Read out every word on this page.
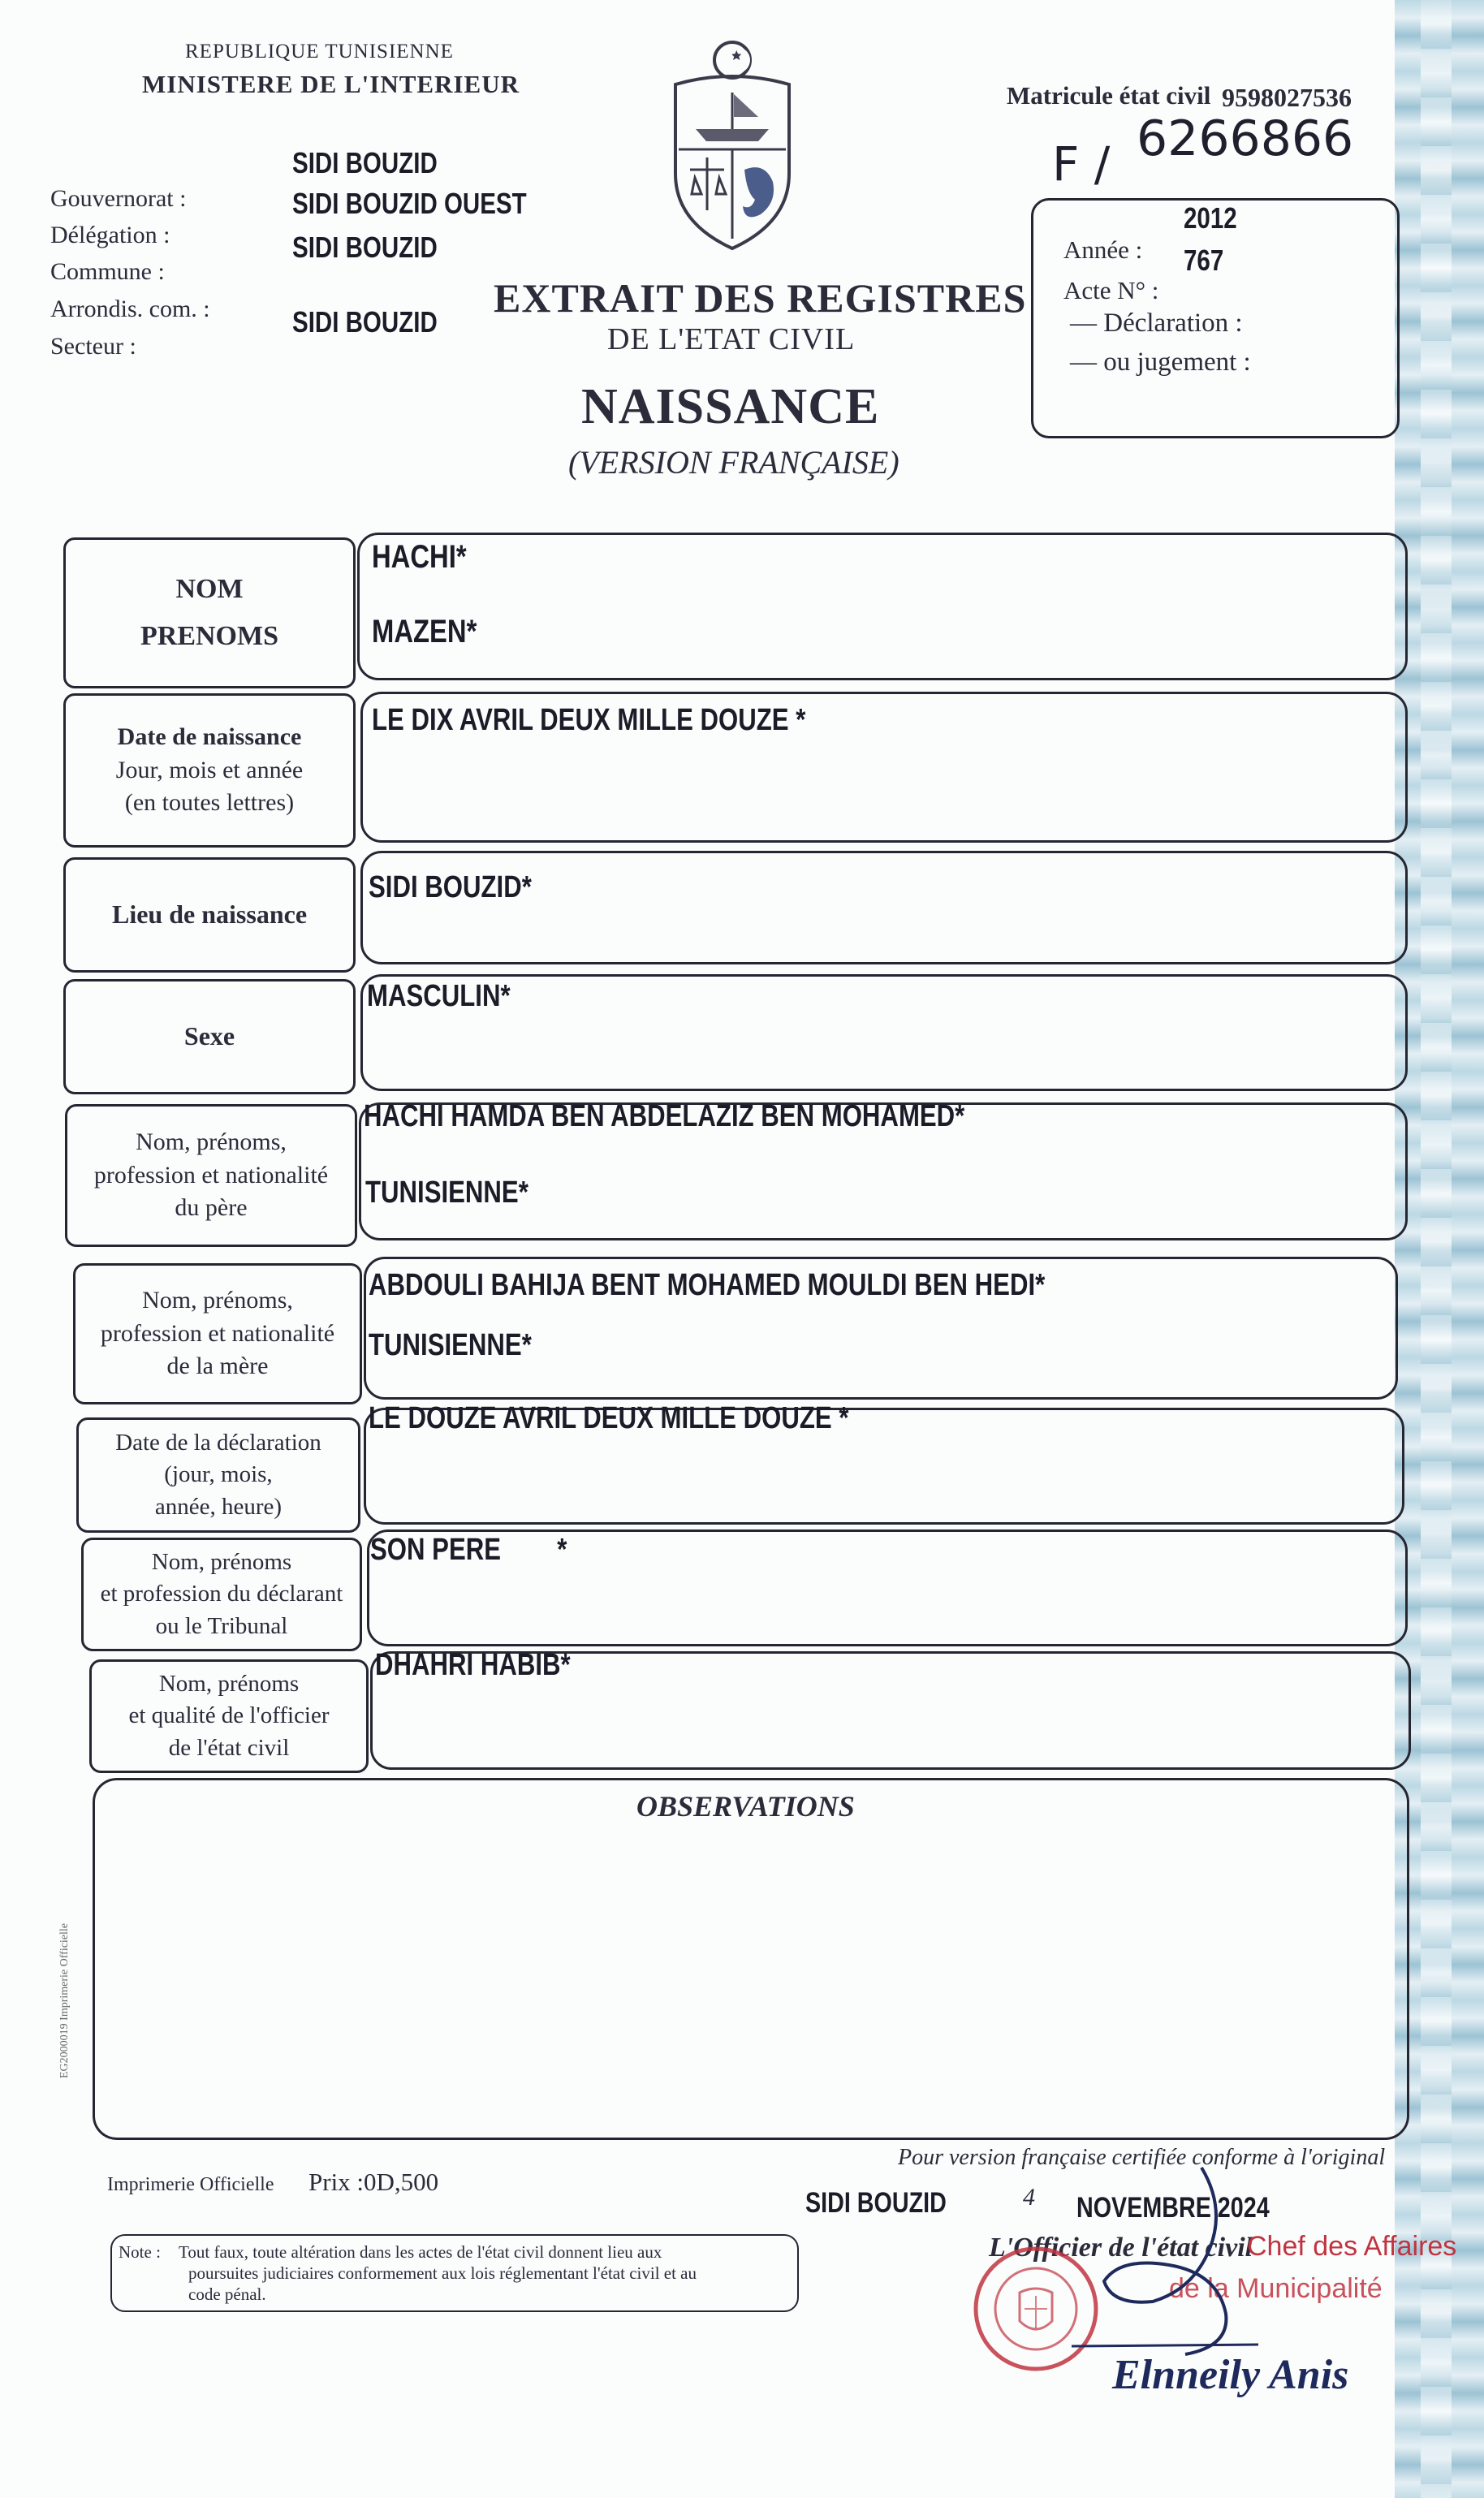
REPUBLIQUE TUNISIENNE
MINISTERE DE L'INTERIEUR
Gouvernorat :
Délégation :
Commune :
Arrondis. com. :
Secteur :
SIDI BOUZID
SIDI BOUZID OUEST
SIDI BOUZID
SIDI BOUZID
EXTRAIT DES REGISTRES
DE L'ETAT CIVIL
NAISSANCE
(VERSION FRANÇAISE)
Matricule état civil 9598027536
F / 6266866
2012
Année : 767
Acte N° :
— Déclaration :
— ou jugement :
NOM
PRENOMS
HACHI*
MAZEN*
Date de naissance
Jour, mois et année
(en toutes lettres)
LE DIX AVRIL DEUX MILLE DOUZE *
Lieu de naissance
SIDI BOUZID*
Sexe
MASCULIN*
Nom, prénoms,
profession et nationalité
du père
HACHI HAMDA BEN ABDELAZIZ BEN MOHAMED*
TUNISIENNE*
Nom, prénoms,
profession et nationalité
de la mère
ABDOULI BAHIJA BENT MOHAMED MOULDI BEN HEDI*
TUNISIENNE*
Date de la déclaration
(jour, mois,
année, heure)
LE DOUZE AVRIL DEUX MILLE DOUZE *
Nom, prénoms
et profession du déclarant
ou le Tribunal
SON PERE        *
Nom, prénoms
et qualité de l'officier
de l'état civil
DHAHRI HABIB*
OBSERVATIONS
EG2000019 Imprimerie Officielle
Imprimerie Officielle Prix :0D,500
Pour version française certifiée conforme à l'original
SIDI BOUZID	4 NOVEMBRE 2024
Note : Tout faux, toute altération dans les actes de l'état civil donnent lieu aux
poursuites judiciaires conformement aux lois réglementant l'état civil et au
code pénal.
L'Officier de l'état civil
Chef des Affaires
de la Municipalité
Elnneily Anis
